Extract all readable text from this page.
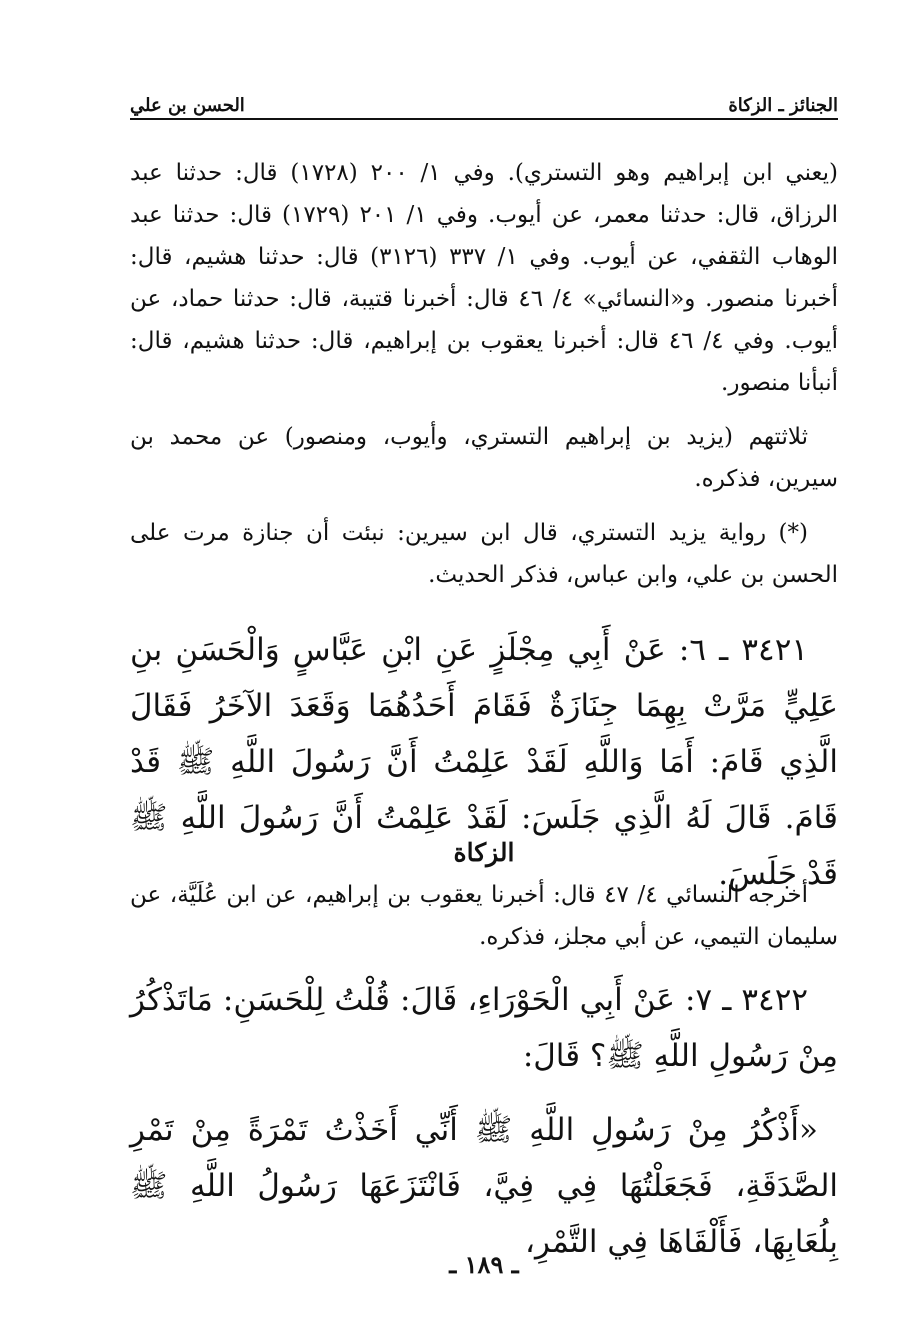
الجنائز ـ الزكاة
الحسن بن علي
(يعني ابن إبراهيم وهو التستري). وفي ١/ ٢٠٠ (١٧٢٨) قال: حدثنا عبد الرزاق، قال: حدثنا معمر، عن أيوب. وفي ١/ ٢٠١ (١٧٢٩) قال: حدثنا عبد الوهاب الثقفي، عن أيوب. وفي ١/ ٣٣٧ (٣١٢٦) قال: حدثنا هشيم، قال: أخبرنا منصور. و«النسائي» ٤/ ٤٦ قال: أخبرنا قتيبة، قال: حدثنا حماد، عن أيوب. وفي ٤/ ٤٦ قال: أخبرنا يعقوب بن إبراهيم، قال: حدثنا هشيم، قال: أنبأنا منصور.
ثلاثتهم (يزيد بن إبراهيم التستري، وأيوب، ومنصور) عن محمد بن سيرين، فذكره.
(*) رواية يزيد التستري، قال ابن سيرين: نبئت أن جنازة مرت على الحسن بن علي، وابن عباس، فذكر الحديث.
٣٤٢١ ـ ٦: عَنْ أَبِي مِجْلَزٍ عَنِ ابْنِ عَبَّاسٍ وَالْحَسَنِ بنِ عَلِيٍّ مَرَّتْ بِهِمَا جِنَازَةٌ فَقَامَ أَحَدُهُمَا وَقَعَدَ الآخَرُ فَقَالَ الَّذِي قَامَ: أَمَا وَاللَّهِ لَقَدْ عَلِمْتُ أَنَّ رَسُولَ اللَّهِ ﷺ قَدْ قَامَ. قَالَ لَهُ الَّذِي جَلَسَ: لَقَدْ عَلِمْتُ أَنَّ رَسُولَ اللَّهِ ﷺ قَدْ جَلَسَ.
الزكاة
أخرجه النسائي ٤/ ٤٧ قال: أخبرنا يعقوب بن إبراهيم، عن ابن عُلَيَّة، عن سليمان التيمي، عن أبي مجلز، فذكره.
٣٤٢٢ ـ ٧: عَنْ أَبِي الْحَوْرَاءِ، قَالَ: قُلْتُ لِلْحَسَنِ: مَاتَذْكُرُ مِنْ رَسُولِ اللَّهِ ﷺ؟ قَالَ:
«أَذْكُرُ مِنْ رَسُولِ اللَّهِ ﷺ أَنِّي أَخَذْتُ تَمْرَةً مِنْ تَمْرِ الصَّدَقَةِ، فَجَعَلْتُهَا فِي فِيَّ، فَانْتَزَعَهَا رَسُولُ اللَّهِ ﷺ بِلُعَابِهَا، فَأَلْقَاهَا فِي التَّمْرِ،
ـ ١٨٩ ـ
